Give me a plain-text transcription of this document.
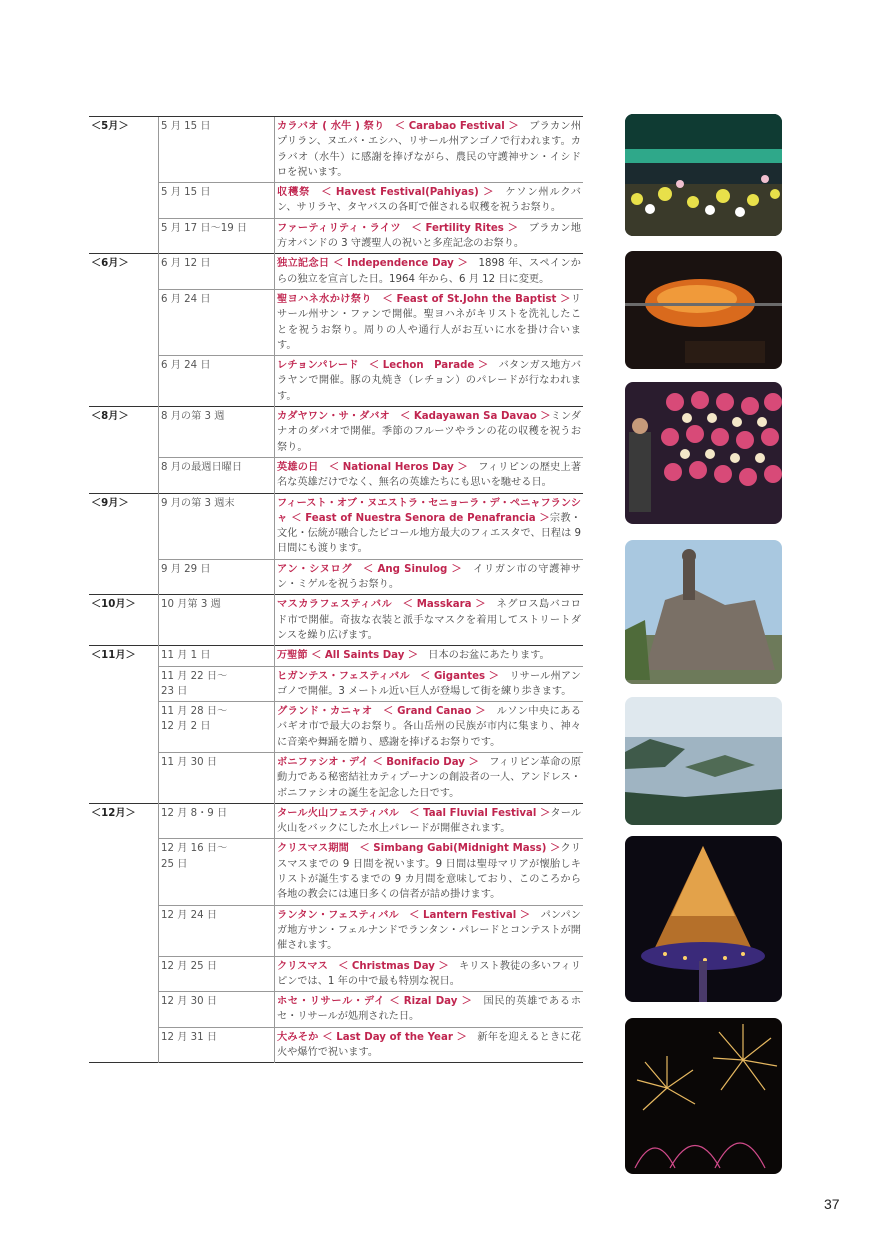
＜5月＞	5 月 15 日	カラバオ ( 水牛 ) 祭り　＜ Carabao Festival ＞　ブラカン州プリラン、ヌエバ・エシハ、リサール州アンゴノで行われます。カラバオ（水牛）に感謝を捧げながら、農民の守護神サン・イシドロを祝います。
	5 月 15 日	収穫祭　＜ Havest Festival(Pahiyas) ＞　ケソン州ルクバン、サリラヤ、タヤバスの各町で催される収穫を祝うお祭り。
	5 月 17 日～19 日	ファーティリティ・ライツ　＜ Fertility Rites ＞　ブラカン地方オバンドの 3 守護聖人の祝いと多産記念のお祭り。
＜6月＞	6 月 12 日	独立記念日 ＜ Independence Day ＞　1898 年、スペインからの独立を宣言した日。1964 年から、6 月 12 日に変更。
	6 月 24 日	聖ヨハネ水かけ祭り　＜ Feast of St.John the Baptist ＞リサール州サン・ファンで開催。聖ヨハネがキリストを洗礼したことを祝うお祭り。周りの人や通行人がお互いに水を掛け合います。
	6 月 24 日	レチョンパレード　＜ Lechon　Parade ＞　バタンガス地方バラヤンで開催。豚の丸焼き（レチョン）のパレードが行なわれます。
＜8月＞	8 月の第 3 週	カダヤワン・サ・ダバオ　＜ Kadayawan Sa Davao ＞ミンダナオのダバオで開催。季節のフルーツやランの花の収穫を祝うお祭り。
	8 月の最週日曜日	英雄の日　＜ National Heros Day ＞　フィリピンの歴史上著名な英雄だけでなく、無名の英雄たちにも思いを馳せる日。
＜9月＞	9 月の第 3 週末	フィースト・オブ・ヌエストラ・セニョーラ・デ・ペニャフランシャ ＜ Feast of Nuestra Senora de Penafrancia ＞宗教・文化・伝統が融合したビコール地方最大のフィエスタで、日程は 9 日間にも渡ります。
	9 月 29 日	アン・シヌログ　＜ Ang Sinulog ＞　イリガン市の守護神サン・ミゲルを祝うお祭り。
＜10月＞	10 月第 3 週	マスカラフェスティバル　＜ Masskara ＞　ネグロス島バコロド市で開催。奇抜な衣装と派手なマスクを着用してストリートダンスを繰り広げます。
＜11月＞	11 月 1 日	万聖節 ＜ All Saints Day ＞　日本のお盆にあたります。
	11 月 22 日～
23 日	ヒガンテス・フェスティバル　＜ Gigantes ＞　リサール州アンゴノで開催。3 メートル近い巨人が登場して街を練り歩きます。
	11 月 28 日～
12 月 2 日	グランド・カニャオ　＜ Grand Canao ＞　ルソン中央にあるバギオ市で最大のお祭り。各山岳州の民族が市内に集まり、神々に音楽や舞踊を贈り、感謝を捧げるお祭りです。
	11 月 30 日	ボニファシオ・デイ ＜ Bonifacio Day ＞　フィリピン革命の原動力である秘密結社カティプーナンの創設者の一人、アンドレス・ボニファシオの誕生を記念した日です。
＜12月＞	12 月 8・9 日	タール火山フェスティバル　＜ Taal Fluvial Festival ＞タール火山をバックにした水上パレードが開催されます。
	12 月 16 日～
25 日	クリスマス期間　＜ Simbang Gabi(Midnight Mass) ＞クリスマスまでの 9 日間を祝います。9 日間は聖母マリアが懐胎しキリストが誕生するまでの 9 カ月間を意味しており、このころから各地の教会には連日多くの信者が詰め掛けます。
	12 月 24 日	ランタン・フェスティバル　＜ Lantern Festival ＞　パンパンガ地方サン・フェルナンドでランタン・パレードとコンテストが開催されます。
	12 月 25 日	クリスマス　＜ Christmas Day ＞　キリスト教徒の多いフィリピンでは、1 年の中で最も特別な祝日。
	12 月 30 日	ホセ・リサール・デイ ＜ Rizal Day ＞　国民的英雄であるホセ・リサールが処刑された日。
	12 月 31 日	大みそか ＜ Last Day of the Year ＞　新年を迎えるときに花火や爆竹で祝います。
37
